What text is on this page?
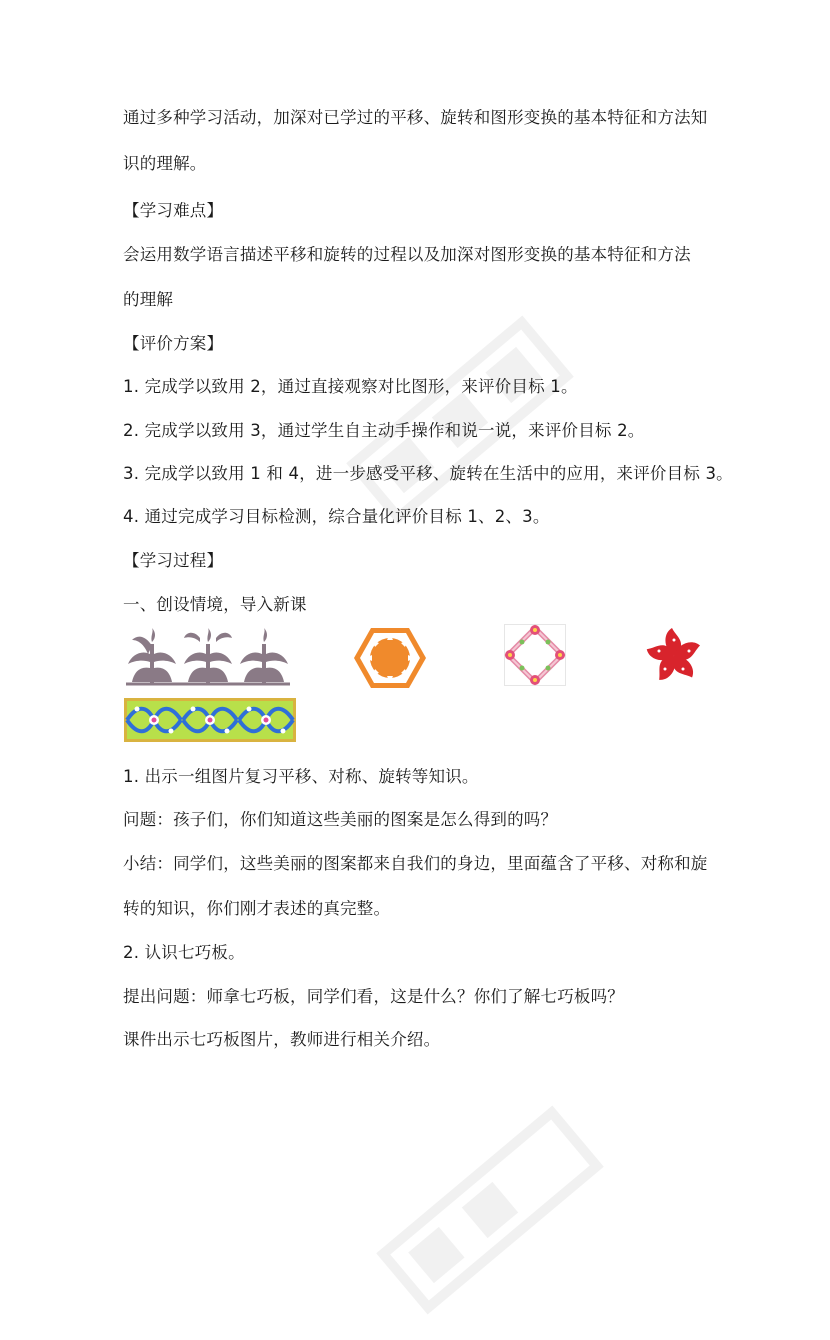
通过多种学习活动，加深对已学过的平移、旋转和图形变换的基本特征和方法知
识的理解。
【学习难点】
会运用数学语言描述平移和旋转的过程以及加深对图形变换的基本特征和方法
的理解
【评价方案】
1. 完成学以致用 2，通过直接观察对比图形，来评价目标 1。
2. 完成学以致用 3，通过学生自主动手操作和说一说，来评价目标 2。
3. 完成学以致用 1 和 4，进一步感受平移、旋转在生活中的应用，来评价目标 3。
4. 通过完成学习目标检测，综合量化评价目标 1、2、3。
【学习过程】
一、创设情境，导入新课
1. 出示一组图片复习平移、对称、旋转等知识。
问题：孩子们，你们知道这些美丽的图案是怎么得到的吗？
小结：同学们，这些美丽的图案都来自我们的身边，里面蕴含了平移、对称和旋
转的知识，你们刚才表述的真完整。
2. 认识七巧板。
提出问题：师拿七巧板，同学们看，这是什么？你们了解七巧板吗？
课件出示七巧板图片，教师进行相关介绍。
